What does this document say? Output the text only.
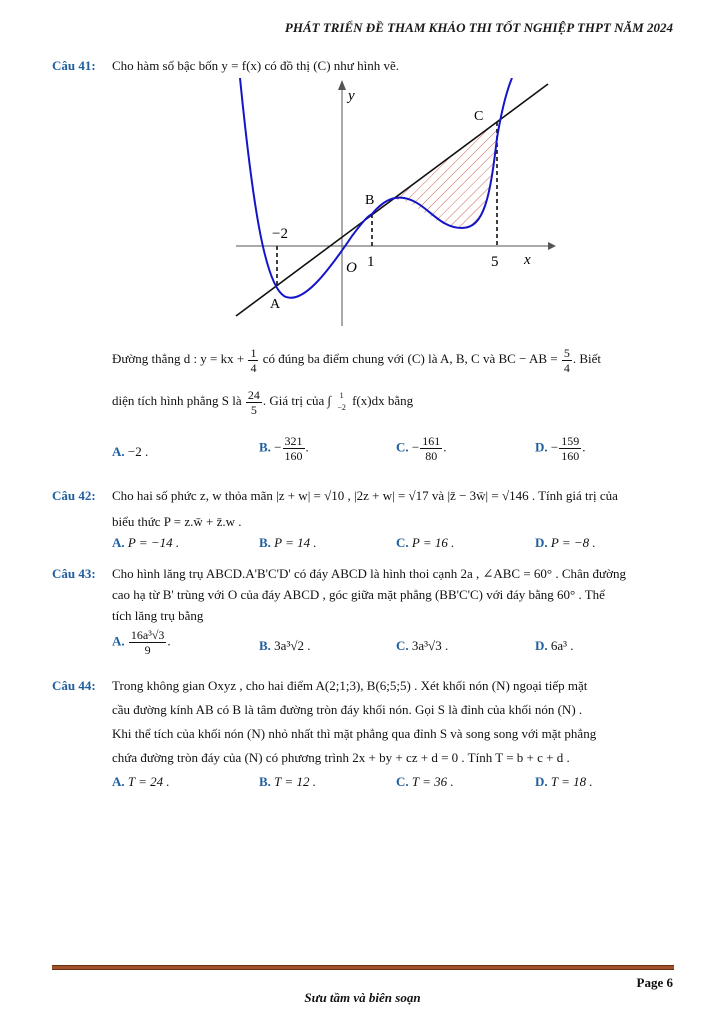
PHÁT TRIỂN ĐỀ THAM KHẢO THI TỐT NGHIỆP THPT NĂM 2024
Câu 41: Cho hàm số bậc bốn y = f(x) có đồ thị (C) như hình vẽ.
y
x
O
−2
1	5
A
B
C
Đường thẳng d : y = kx + $\frac{1}{4}$ có đúng ba điểm chung với (C) là A, B, C và BC − AB = $\frac{5}{4}$ . Biết
diện tích hình phẳng S là $\frac{24}{5}$ . Giá trị của ∫	1
−2 f(x)dx bằng
A. −2 .	B. − $\frac{321}{160}$ .	C. − $\frac{161}{80}$ .	D. − $\frac{159}{160}$ .
Câu 42: Cho hai số phức z, w thỏa mãn |z + w| = √10 , |2z + w| = √17 và |z̄ − 3w̄| = √146 . Tính giá trị của
biểu thức P = z.w̄ + z̄.w .
A. P = −14 .	B. P = 14 .	C. P = 16 .	D. P = −8 .
Câu 43: Cho hình lăng trụ ABCD.A'B'C'D' có đáy ABCD là hình thoi cạnh 2a , ∠ABC = 60° . Chân đường
cao hạ từ B' trùng với O của đáy ABCD , góc giữa mặt phẳng (BB'C'C) với đáy bằng 60° . Thể
tích lăng trụ bằng
A. $\frac{\text{16a³√3}}{9}$ .	B. 3a³√2 .	C. 3a³√3 .	D. 6a³ .
Câu 44: Trong không gian Oxyz , cho hai điểm A(2;1;3), B(6;5;5) . Xét khối nón (N) ngoại tiếp mặt
cầu đường kính AB có B là tâm đường tròn đáy khối nón. Gọi S là đỉnh của khối nón (N) .
Khi thể tích của khối nón (N) nhỏ nhất thì mặt phẳng qua đỉnh S và song song với mặt phẳng
chứa đường tròn đáy của (N) có phương trình 2x + by + cz + d = 0 . Tính T = b + c + d .
A. T = 24 .	B. T = 12 .	C. T = 36 .	D. T = 18 .
Page 6
Sưu tầm và biên soạn
